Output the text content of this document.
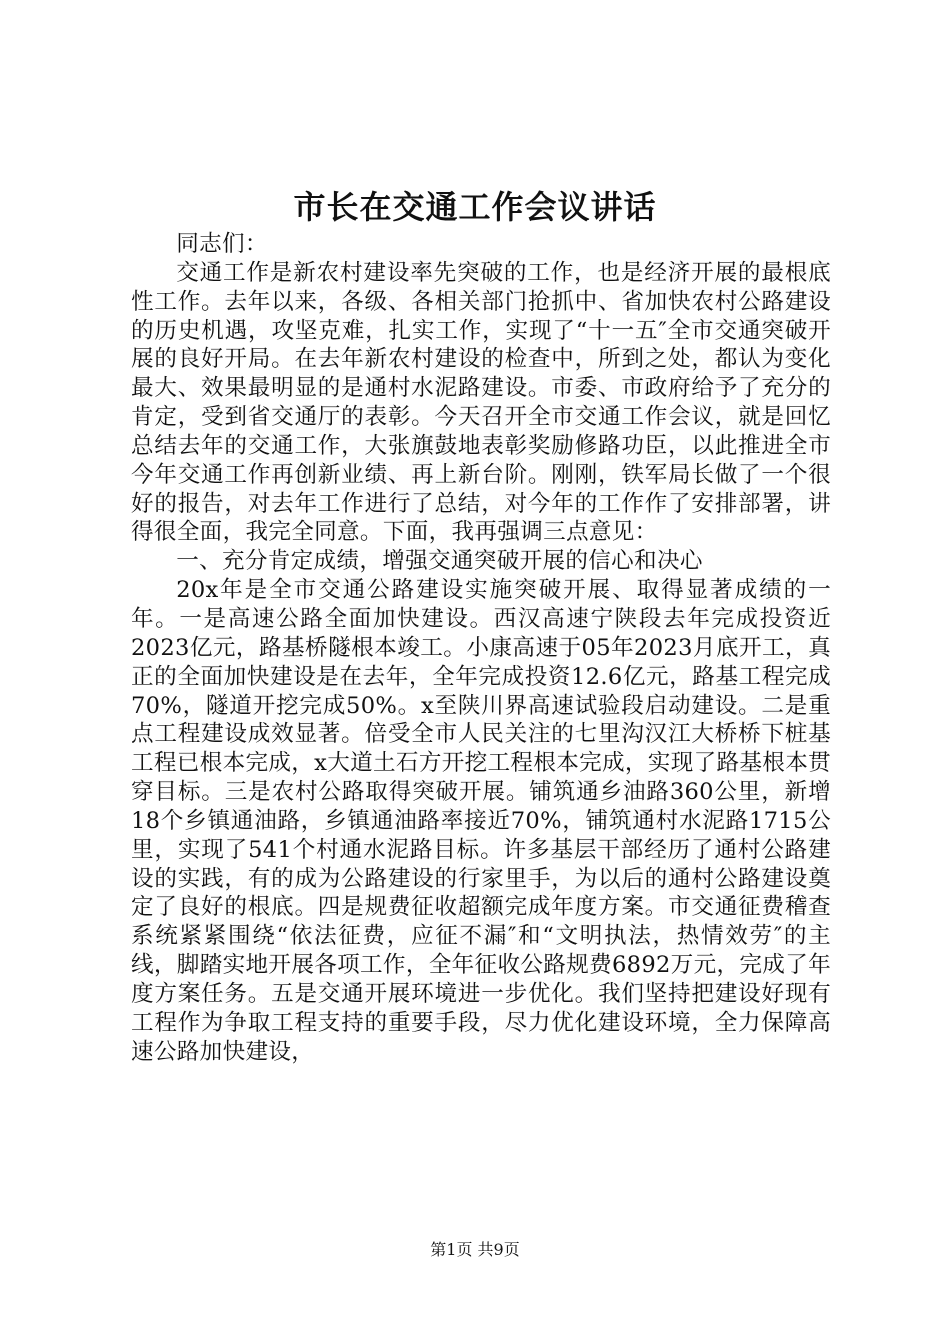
市长在交通工作会议讲话

同志们：

交通工作是新农村建设率先突破的工作，也是经济开展的最根底性工作。去年以来，各级、各相关部门抢抓中、省加快农村公路建设的历史机遇，攻坚克难，扎实工作，实现了“十一五″全市交通突破开展的良好开局。在去年新农村建设的检查中，所到之处，都认为变化最大、效果最明显的是通村水泥路建设。市委、市政府给予了充分的肯定，受到省交通厅的表彰。今天召开全市交通工作会议，就是回忆总结去年的交通工作，大张旗鼓地表彰奖励修路功臣，以此推进全市今年交通工作再创新业绩、再上新台阶。刚刚，铁军局长做了一个很好的报告，对去年工作进行了总结，对今年的工作作了安排部署，讲得很全面，我完全同意。下面，我再强调三点意见：

一、充分肯定成绩，增强交通突破开展的信心和决心

20x年是全市交通公路建设实施突破开展、取得显著成绩的一年。一是高速公路全面加快建设。西汉高速宁陕段去年完成投资近2023亿元，路基桥隧根本竣工。小康高速于05年2023月底开工，真正的全面加快建设是在去年，全年完成投资12.6亿元，路基工程完成70%，隧道开挖完成50%。x至陕川界高速试验段启动建设。二是重点工程建设成效显著。倍受全市人民关注的七里沟汉江大桥桥下桩基工程已根本完成，x大道土石方开挖工程根本完成，实现了路基根本贯穿目标。三是农村公路取得突破开展。铺筑通乡油路360公里，新增18个乡镇通油路，乡镇通油路率接近70%，铺筑通村水泥路1715公里，实现了541个村通水泥路目标。许多基层干部经历了通村公路建设的实践，有的成为公路建设的行家里手，为以后的通村公路建设奠定了良好的根底。四是规费征收超额完成年度方案。市交通征费稽查系统紧紧围绕“依法征费，应征不漏″和“文明执法，热情效劳″的主线，脚踏实地开展各项工作，全年征收公路规费6892万元，完成了年度方案任务。五是交通开展环境进一步优化。我们坚持把建设好现有工程作为争取工程支持的重要手段，尽力优化建设环境，全力保障高速公路加快建设，

第1页 共9页
